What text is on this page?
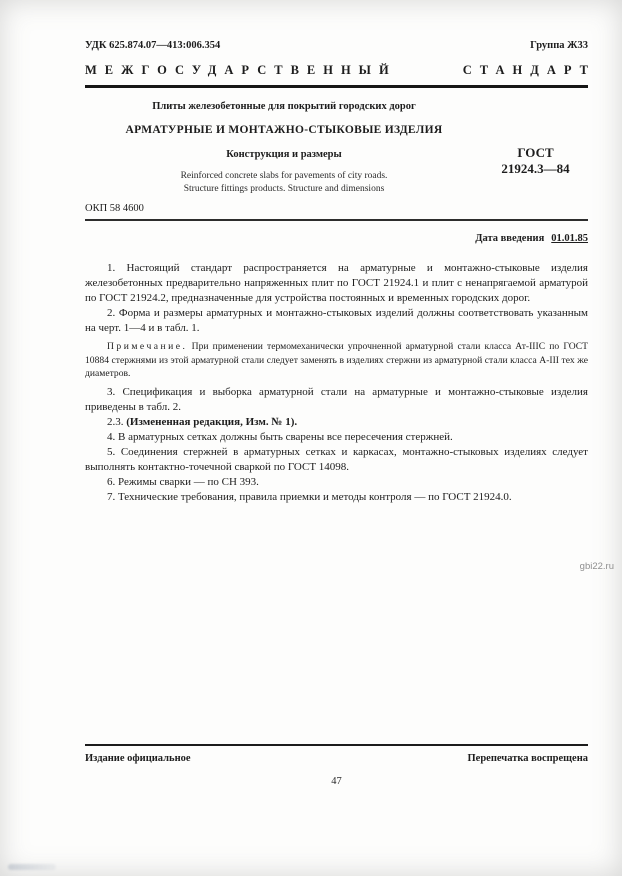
УДК 625.874.07—413:006.354	Группа Ж33
МЕЖГОСУДАРСТВЕННЫЙ	СТАНДАРТ
Плиты железобетонные для покрытий городских дорог
АРМАТУРНЫЕ И МОНТАЖНО-СТЫКОВЫЕ ИЗДЕЛИЯ
Конструкция и размеры
Reinforced concrete slabs for pavements of city roads.
Structure fittings products. Structure and dimensions
ГОСТ
21924.3—84
ОКП 58 4600
Дата введения 01.01.85

1. Настоящий стандарт распространяется на арматурные и монтажно-стыковые изделия железобетонных предварительно напряженных плит по ГОСТ 21924.1 и плит с ненапрягаемой арматурой по ГОСТ 21924.2, предназначенные для устройства постоянных и временных городских дорог.

2. Форма и размеры арматурных и монтажно-стыковых изделий должны соответствовать указанным на черт. 1—4 и в табл. 1.

Примечание. При применении термомеханически упрочненной арматурной стали класса Ат-IIIС по ГОСТ 10884 стержнями из этой арматурной стали следует заменять в изделиях стержни из арматурной стали класса А-III тех же диаметров.

3. Спецификация и выборка арматурной стали на арматурные и монтажно-стыковые изделия приведены в табл. 2.

2.3. (Измененная редакция, Изм. № 1).

4. В арматурных сетках должны быть сварены все пересечения стержней.

5. Соединения стержней в арматурных сетках и каркасах, монтажно-стыковых изделиях следует выполнять контактно-точечной сваркой по ГОСТ 14098.

6. Режимы сварки — по СН 393.

7. Технические требования, правила приемки и методы контроля — по ГОСТ 21924.0.

gbi22.ru
Издание официальное	Перепечатка воспрещена
47
